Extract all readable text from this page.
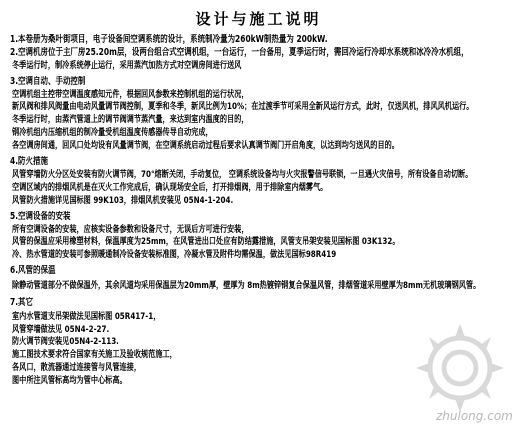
设计与施工说明
1.本卷册为桑叶街项目，电子设备间空调系统的设计，系统制冷量为260kW制热量为 200kW.
2.空调机房位于主厂房25.20m层，设两台组合式空调机组，一台运行，一台备用，夏季运行时，需回冷运行冷却水系统和冰冷冷水机组，
冬季运行时，制冷系统停止运行，采用蒸汽加热方式对空调房间进行送风
3.空调自动、手动控制
空调机组主控带空调温度感知元件，根据回风参数来控制机组的运行状况，
新风阀和排风阀量由电动风量调节阀控制，夏季和冬季，新风比例为10%；在过渡季节可采用全新风运行方式，此时，仅送风机，排风风机运行。
冬季运行时，由蒸汽管道上的调节阀调节蒸汽量，来达到室内温度的目的，
钢冷机组内压缩机组的制冷量受机组温度传感器传导自动完成，
各空调房间通，回风口处均设有风量调节阀，在空调系统启动过程后要求认真调节阀门开启角度，以达到均匀送风的目的。
4.防火措施
风管穿墙防火分区处安装有防火调节阀，70°熔断关闭，手动复位， 空调系统设备均与火灾报警信号联锁，一旦遇火灾信号，所有设备自动切断。
空调区域内的排烟风机是在灭火工作完成后，确认现场安全后，打开排烟阀，用于排除室内烟雾气。
风管防火措施详见国标图 99K103，排烟风机安装见 05N4-1-204.
5.空调设备的安装
所有空调设备的安装，应核实设备参数和设备尺寸，无误后方可进行安装，
风管的保温应采用橡塑材料，保温厚度为25mm，在风管进出口处应有防结露措施，风管支吊架安装见国标图 03K132。
冷、热水管道的安装可参照暖通制冷设备安装标准图，冷凝水管及附件均需保温，做法见国标98R419
6.风管的保温
除静动管道部分不做保温外，其余风道均采用保温层为20mm厚，壁厚为 8m热镀锌钢复合保温风管，排烟管道采用壁厚为8mm无机玻璃钢风管。
7.其它
室内水管道支吊架做法见国标图 05R417-1，
风管穿墙做法见 05N4-2-27.
防火调节阀安装见05N4-2-113.
施工图技术要求符合国家有关施工及验收规范施工，
各风口，散流器通过连接管与风管连接，
图中所注风管标高均为管中心标高。
zhulong.com
